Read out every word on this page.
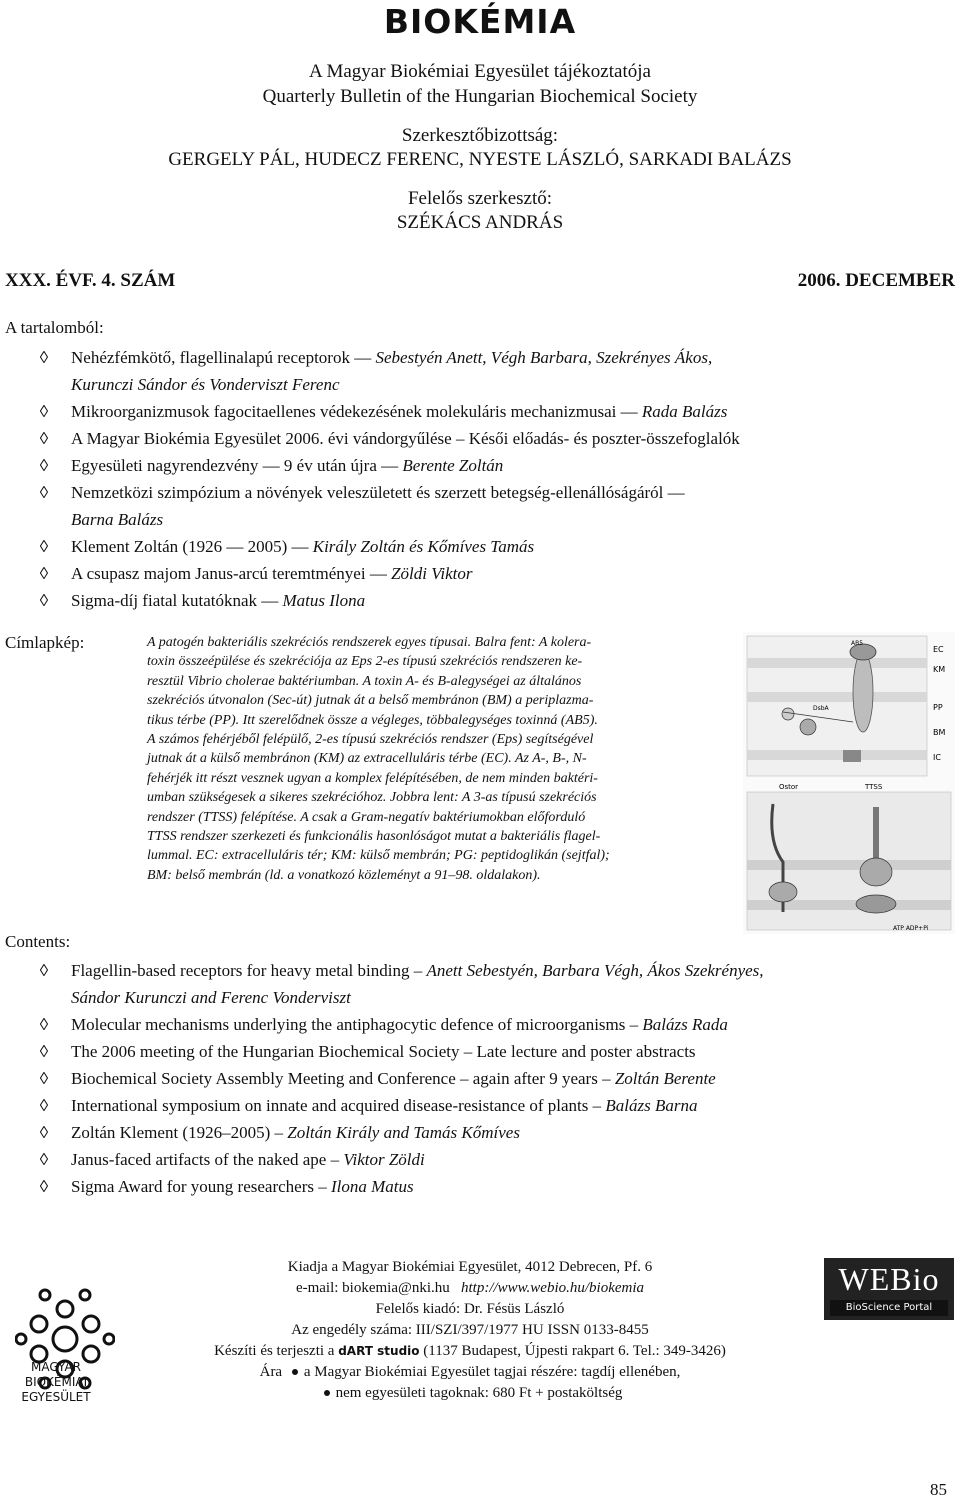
BIOKÉMIA
A Magyar Biokémiai Egyesület tájékoztatója
Quarterly Bulletin of the Hungarian Biochemical Society
Szerkesztőbizottság:
GERGELY PÁL, HUDECZ FERENC, NYESTE LÁSZLÓ, SARKADI BALÁZS
Felelős szerkesztő:
SZÉKÁCS ANDRÁS
XXX. ÉVF. 4. SZÁM	2006. DECEMBER
A tartalomból:
◊ Nehézfémkötő, flagellinalapú receptorok — Sebestyén Anett, Végh Barbara, Szekrényes Ákos,
Kurunczi Sándor és Vonderviszt Ferenc
◊ Mikroorganizmusok fagocitaellenes védekezésének molekuláris mechanizmusai — Rada Balázs
◊ A Magyar Biokémia Egyesület 2006. évi vándorgyűlése – Késői előadás- és poszter-összefoglalók
◊ Egyesületi nagyrendezvény — 9 év után újra — Berente Zoltán
◊ Nemzetközi szimpózium a növények veleszületett és szerzett betegség-ellenállóságáról —
Barna Balázs
◊ Klement Zoltán (1926 — 2005) — Király Zoltán és Kőmíves Tamás
◊ A csupasz majom Janus-arcú teremtményei — Zöldi Viktor
◊ Sigma-díj fiatal kutatóknak — Matus Ilona
Címlapkép:	A patogén bakteriális szekréciós rendszerek egyes típusai. Balra fent: A kolera-
toxin összeépülése és szekréciója az Eps 2-es típusú szekréciós rendszeren ke-
resztül Vibrio cholerae baktériumban. A toxin A- és B-alegységei az általános
szekréciós útvonalon (Sec-út) jutnak át a belső membránon (BM) a periplazma-
tikus térbe (PP). Itt szerelődnek össze a végleges, többalegységes toxinná (AB5).
A számos fehérjéből felépülő, 2-es típusú szekréciós rendszer (Eps) segítségével
jutnak át a külső membránon (KM) az extracelluláris térbe (EC). Az A-, B-, N-
fehérjék itt részt vesznek ugyan a komplex felépítésében, de nem minden baktéri-
umban szükségesek a sikeres szekrécióhoz. Jobbra lent: A 3-as típusú szekréciós
rendszer (TTSS) felépítése. A csak a Gram-negatív baktériumokban előforduló
TTSS rendszer szerkezeti és funkcionális hasonlóságot mutat a bakteriális flagel-
lummal. EC: extracelluláris tér; KM: külső membrán; PG: peptidoglikán (sejtfal);
BM: belső membrán (ld. a vonatkozó közleményt a 91–98. oldalakon).
EC
KM
PP
BM
IC
DsbA
AB5
Ostor	TTSS
ATP ADP+Pi
Contents:
◊ Flagellin-based receptors for heavy metal binding – Anett Sebestyén, Barbara Végh, Ákos Szekrényes,
Sándor Kurunczi and Ferenc Vonderviszt
◊ Molecular mechanisms underlying the antiphagocytic defence of microorganisms – Balázs Rada
◊ The 2006 meeting of the Hungarian Biochemical Society – Late lecture and poster abstracts
◊ Biochemical Society Assembly Meeting and Conference – again after 9 years – Zoltán Berente
◊ International symposium on innate and acquired disease-resistance of plants – Balázs Barna
◊ Zoltán Klement (1926–2005) – Zoltán Király and Tamás Kőmíves
◊ Janus-faced artifacts of the naked ape – Viktor Zöldi
◊ Sigma Award for young researchers – Ilona Matus
MAGYAR
BIOKÉMIAI
EGYESÜLET
Kiadja a Magyar Biokémiai Egyesület, 4012 Debrecen, Pf. 6
e-mail: biokemia@nki.hu http://www.webio.hu/biokemia
Felelős kiadó: Dr. Fésüs László
Az engedély száma: III/SZI/397/1977 HU ISSN 0133-8455
Készíti és terjeszti a dART studio (1137 Budapest, Újpesti rakpart 6. Tel.: 349-3426)
Ára a Magyar Biokémiai Egyesület tagjai részére: tagdíj ellenében,
nem egyesületi tagoknak: 680 Ft + postaköltség
WEBio
BioScience Portal
85
